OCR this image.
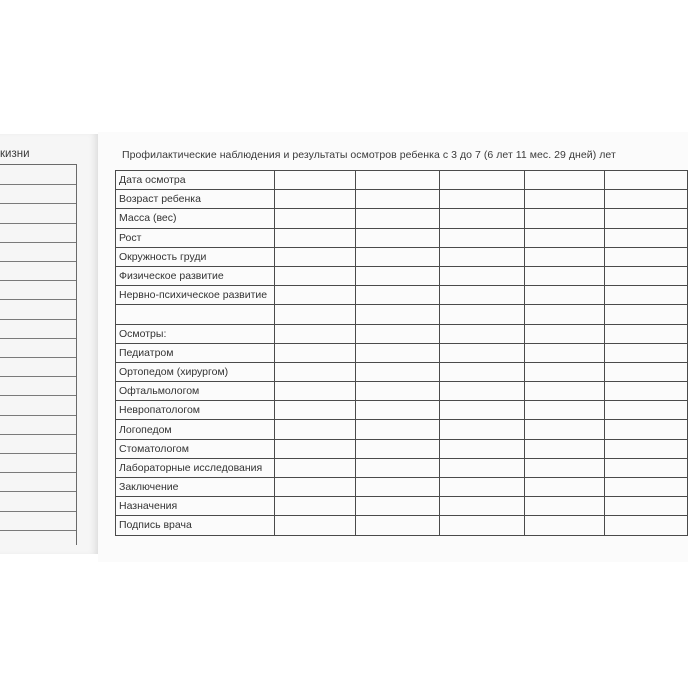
кизни	Профилактические наблюдения и результаты осмотров ребенка с 3 до 7 (6 лет 11 мес. 29 дней) лет
Дата осмотра					
Возраст ребенка					
Масса (вес)					
Рост					
Окружность груди					
Физическое развитие					
Нервно-психическое развитие					

Осмотры:					
Педиатром					
Ортопедом (хирургом)					
Офтальмологом					
Невропатологом					
Логопедом					
Стоматологом					
Лабораторные исследования					
Заключение					
Назначения					
Подпись врача					
